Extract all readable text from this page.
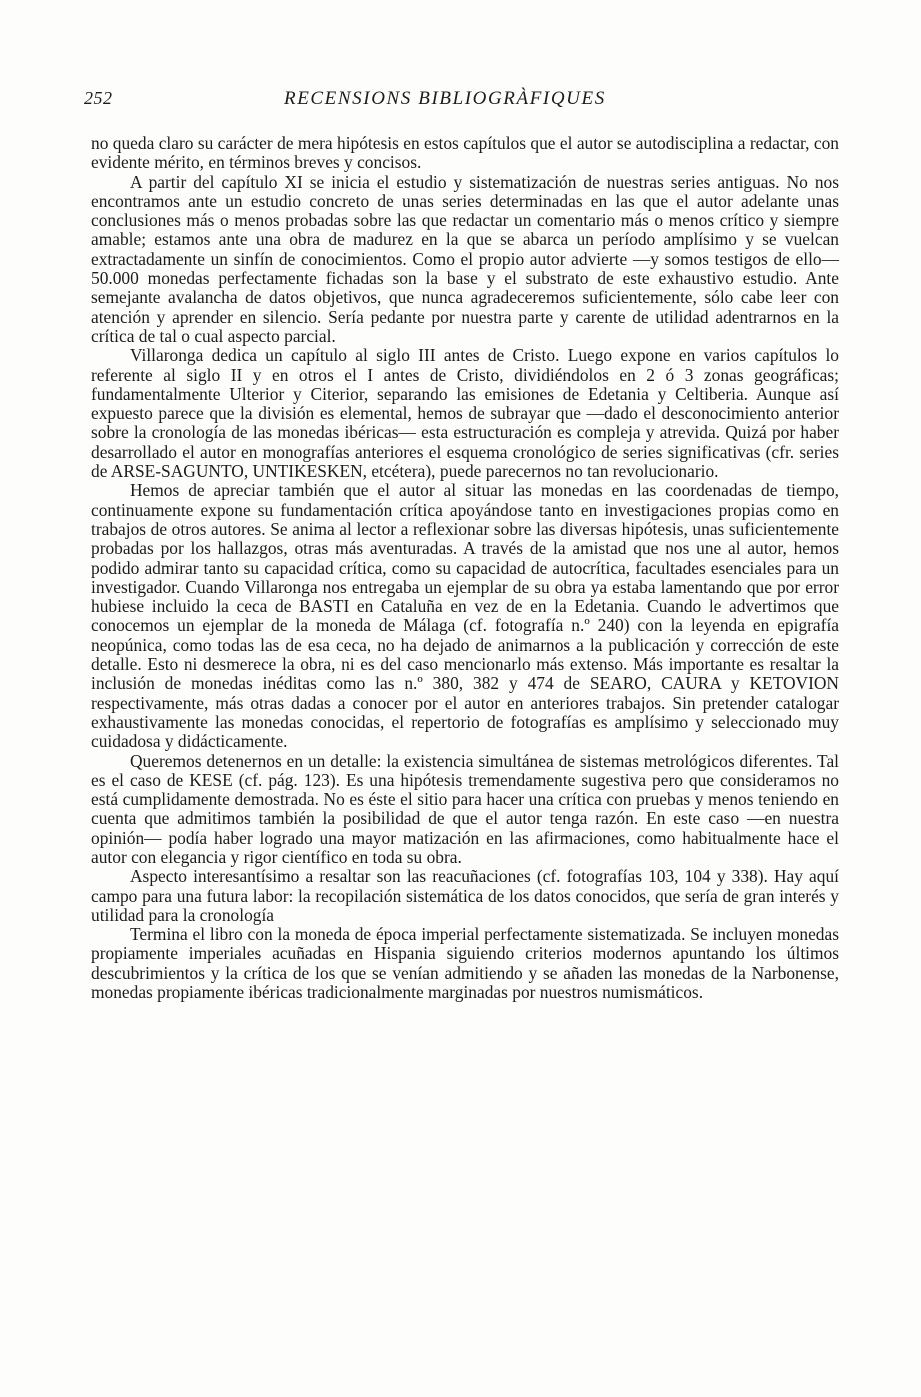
252	RECENSIONS BIBLIOGRÀFIQUES

no queda claro su carácter de mera hipótesis en estos capítulos que el autor se autodisciplina a redactar, con evidente mérito, en términos breves y concisos.

A partir del capítulo XI se inicia el estudio y sistematización de nuestras series antiguas. No nos encontramos ante un estudio concreto de unas series determinadas en las que el autor adelante unas conclusiones más o menos probadas sobre las que redactar un comentario más o menos crítico y siempre amable; estamos ante una obra de madurez en la que se abarca un período amplísimo y se vuelcan extractadamente un sinfín de conocimientos. Como el propio autor advierte —y somos testigos de ello— 50.000 monedas perfectamente fichadas son la base y el substrato de este exhaustivo estudio. Ante semejante avalancha de datos objetivos, que nunca agradeceremos suficientemente, sólo cabe leer con atención y aprender en silencio. Sería pedante por nuestra parte y carente de utilidad adentrarnos en la crítica de tal o cual aspecto parcial.

Villaronga dedica un capítulo al siglo III antes de Cristo. Luego expone en varios capítulos lo referente al siglo II y en otros el I antes de Cristo, dividiéndolos en 2 ó 3 zonas geográficas; fundamentalmente Ulterior y Citerior, separando las emisiones de Edetania y Celtiberia. Aunque así expuesto parece que la división es elemental, hemos de subrayar que —dado el desconocimiento anterior sobre la cronología de las monedas ibéricas— esta estructuración es compleja y atrevida. Quizá por haber desarrollado el autor en monografías anteriores el esquema cronológico de series significativas (cfr. series de ARSE-SAGUNTO, UNTIKESKEN, etcétera), puede parecernos no tan revolucionario.

Hemos de apreciar también que el autor al situar las monedas en las coordenadas de tiempo, continuamente expone su fundamentación crítica apoyándose tanto en investigaciones propias como en trabajos de otros autores. Se anima al lector a reflexionar sobre las diversas hipótesis, unas suficientemente probadas por los hallazgos, otras más aventuradas. A través de la amistad que nos une al autor, hemos podido admirar tanto su capacidad crítica, como su capacidad de autocrítica, facultades esenciales para un investigador. Cuando Villaronga nos entregaba un ejemplar de su obra ya estaba lamentando que por error hubiese incluido la ceca de BASTI en Cataluña en vez de en la Edetania. Cuando le advertimos que conocemos un ejemplar de la moneda de Málaga (cf. fotografía n.º 240) con la leyenda en epigrafía neopúnica, como todas las de esa ceca, no ha dejado de animarnos a la publicación y corrección de este detalle. Esto ni desmerece la obra, ni es del caso mencionarlo más extenso. Más importante es resaltar la inclusión de monedas inéditas como las n.º 380, 382 y 474 de SEARO, CAURA y KETOVION respectivamente, más otras dadas a conocer por el autor en anteriores trabajos. Sin pretender catalogar exhaustivamente las monedas conocidas, el repertorio de fotografías es amplísimo y seleccionado muy cuidadosa y didácticamente.

Queremos detenernos en un detalle: la existencia simultánea de sistemas metrológicos diferentes. Tal es el caso de KESE (cf. pág. 123). Es una hipótesis tremendamente sugestiva pero que consideramos no está cumplidamente demostrada. No es éste el sitio para hacer una crítica con pruebas y menos teniendo en cuenta que admitimos también la posibilidad de que el autor tenga razón. En este caso —en nuestra opinión— podía haber logrado una mayor matización en las afirmaciones, como habitualmente hace el autor con elegancia y rigor científico en toda su obra.

Aspecto interesantísimo a resaltar son las reacuñaciones (cf. fotografías 103, 104 y 338). Hay aquí campo para una futura labor: la recopilación sistemática de los datos conocidos, que sería de gran interés y utilidad para la cronología

Termina el libro con la moneda de época imperial perfectamente sistematizada. Se incluyen monedas propiamente imperiales acuñadas en Hispania siguiendo criterios modernos apuntando los últimos descubrimientos y la crítica de los que se venían admitiendo y se añaden las monedas de la Narbonense, monedas propiamente ibéricas tradicionalmente marginadas por nuestros numismáticos.
